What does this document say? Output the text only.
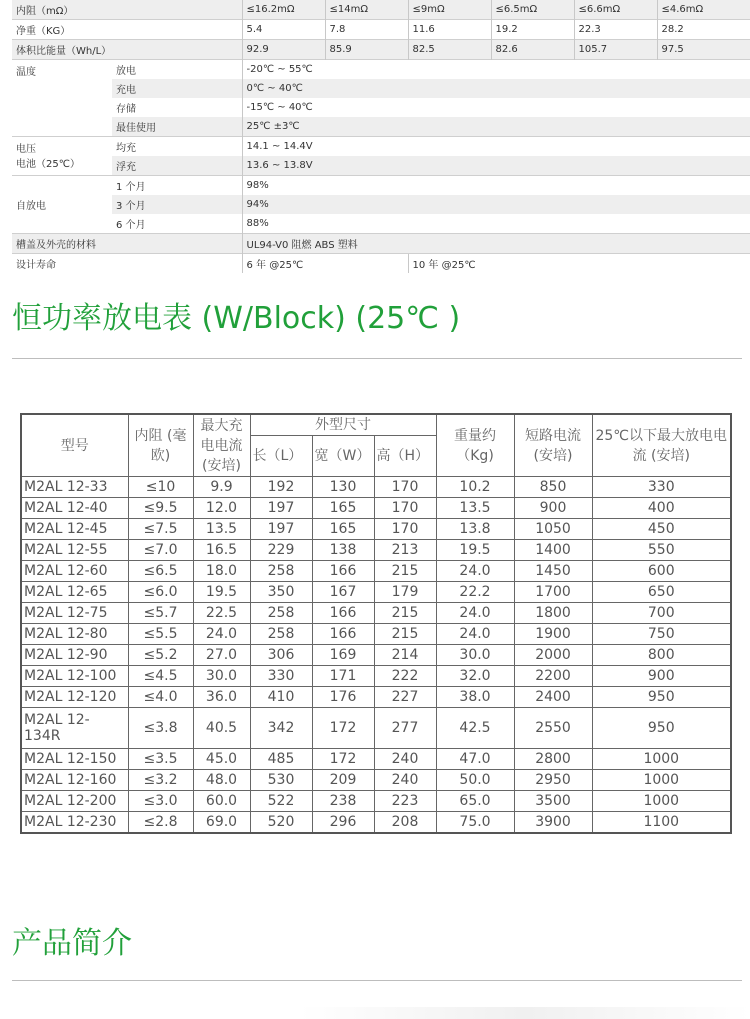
内阻（mΩ）		≤16.2mΩ	≤14mΩ	≤9mΩ	≤6.5mΩ	≤6.6mΩ	≤4.6mΩ
净重（KG）		5.4	7.8	11.6	19.2	22.3	28.2
体积比能量（Wh/L）		92.9	85.9	82.5	82.6	105.7	97.5
温度	放电	-20℃ ~ 55℃					
	充电	0℃ ~ 40℃					
	存储	-15℃ ~ 40℃					
	最佳使用	25℃ ±3℃					

电压
电池（25℃）	均充	14.1 ~ 14.4V					
	浮充	13.6 ~ 13.8V					
自放电	1 个月	98%					
	3 个月	94%					
	6 个月	88%					
槽盖及外壳的材料		UL94-V0 阻燃 ABS 塑料					
设计寿命		6 年 @25℃		10 年 @25℃			
恒功率放电表 (W/Block) (25℃ )
型号	内阻 (毫欧)	最大充电电流 (安培)	外型尺寸			重量约（Kg)	短路电流 (安培)	25℃以下最大放电电流 (安培)
			长（L）	宽（W）	高（H）			
M2AL 12-33	≤10	9.9	192	130	170	10.2	850	330
M2AL 12-40	≤9.5	12.0	197	165	170	13.5	900	400
M2AL 12-45	≤7.5	13.5	197	165	170	13.8	1050	450
M2AL 12-55	≤7.0	16.5	229	138	213	19.5	1400	550
M2AL 12-60	≤6.5	18.0	258	166	215	24.0	1450	600
M2AL 12-65	≤6.0	19.5	350	167	179	22.2	1700	650
M2AL 12-75	≤5.7	22.5	258	166	215	24.0	1800	700
M2AL 12-80	≤5.5	24.0	258	166	215	24.0	1900	750
M2AL 12-90	≤5.2	27.0	306	169	214	30.0	2000	800
M2AL 12-100	≤4.5	30.0	330	171	222	32.0	2200	900
M2AL 12-120	≤4.0	36.0	410	176	227	38.0	2400	950
M2AL 12-134R	≤3.8	40.5	342	172	277	42.5	2550	950
M2AL 12-150	≤3.5	45.0	485	172	240	47.0	2800	1000
M2AL 12-160	≤3.2	48.0	530	209	240	50.0	2950	1000
M2AL 12-200	≤3.0	60.0	522	238	223	65.0	3500	1000
M2AL 12-230	≤2.8	69.0	520	296	208	75.0	3900	1100
产品简介
